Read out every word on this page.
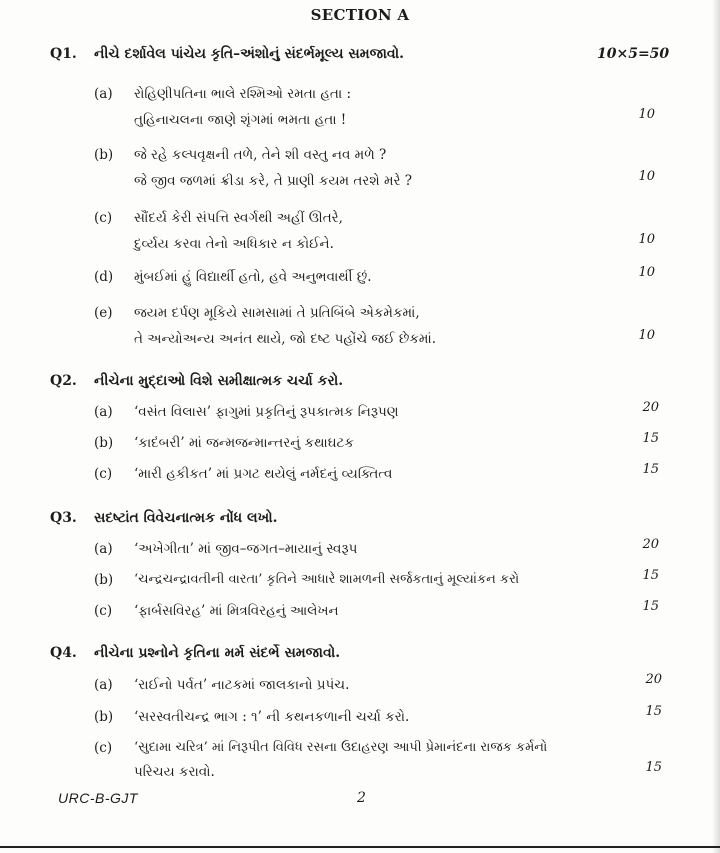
SECTION A
Q1.	નીચે દર્શાવેલ પાંચેય કૃતિ–અંશોનું સંદર્ભમૂલ્ય સમજાવો.	10×5=50
(a)	રોહિણીપતિના ભાલે રશ્મિઓ રમતા હતા :
તુહિનાચલના જાણે શૃંગમાં ભમતા હતા !	10
(b)	જે રહે કલ્પવૃક્ષની તળે, તેને શી વસ્તુ નવ મળે ?
જે જીવ જળમાં ક્રીડા કરે, તે પ્રાણી કયમ તરશે મરે ?	10
(c)	સૌંદર્ય કેરી સંપત્તિ સ્વર્ગથી અહીં ઊતરે,
દુર્વ્યય કરવા તેનો અધિકાર ન કોઈને.	10
(d)	મુંબઈમાં હું વિદ્યાર્થી હતો, હવે અનુભવાર્થી છું.	10
(e)	જયમ દર્પણ મૂકિયે સામસામાં તે પ્રતિબિંબે એકમેકમાં,
તે અન્યોઅન્ય અનંત થાયે, જો દષ્ટ પહોંચે જઈ છેકમાં.	10
Q2.	નીચેના મુદ્દાઓ વિશે સમીક્ષાત્મક ચર્ચા કરો.
(a)	‘વસંત વિલાસ’ ફાગુમાં પ્રકૃતિનું રૂપકાત્મક નિરૂપણ	20
(b)	‘કાદંબરી’ માં જન્મજન્માન્તરનું કથાઘટક	15
(c)	‘મારી હકીકત’ માં પ્રગટ થયેલું નર્મદનું વ્યક્તિત્વ	15
Q3.	સદષ્ટાંત વિવેચનાત્મક નોંધ લખો.
(a)	‘અખેગીતા’ માં જીવ–જગત–માયાનું સ્વરૂપ	20
(b)	‘ચન્દ્રચન્દ્રાવતીની વારતા’ કૃતિને આધારે શામળની સર્જકતાનું મૂલ્યાંકન કરો	15
(c)	‘ફાર્બસવિરહ’ માં મિત્રવિરહનું આલેખન	15
Q4.	નીચેના પ્રશ્નોને કૃતિના મર્મ સંદર્ભે સમજાવો.
(a)	‘રાઈનો પર્વત’ નાટકમાં જાલકાનો પ્રપંચ.	20
(b)	‘સરસ્વતીચન્દ્ર ભાગ : ૧’ ની કથનકળાની ચર્ચા કરો.	15
(c)	‘સુદામા ચરિત્ર’ માં નિરૂપીત વિવિધ રસના ઉદાહરણ આપી પ્રેમાનંદના રાજક કર્મનો
પરિચય કરાવો.	15
URC-B-GJT	2
